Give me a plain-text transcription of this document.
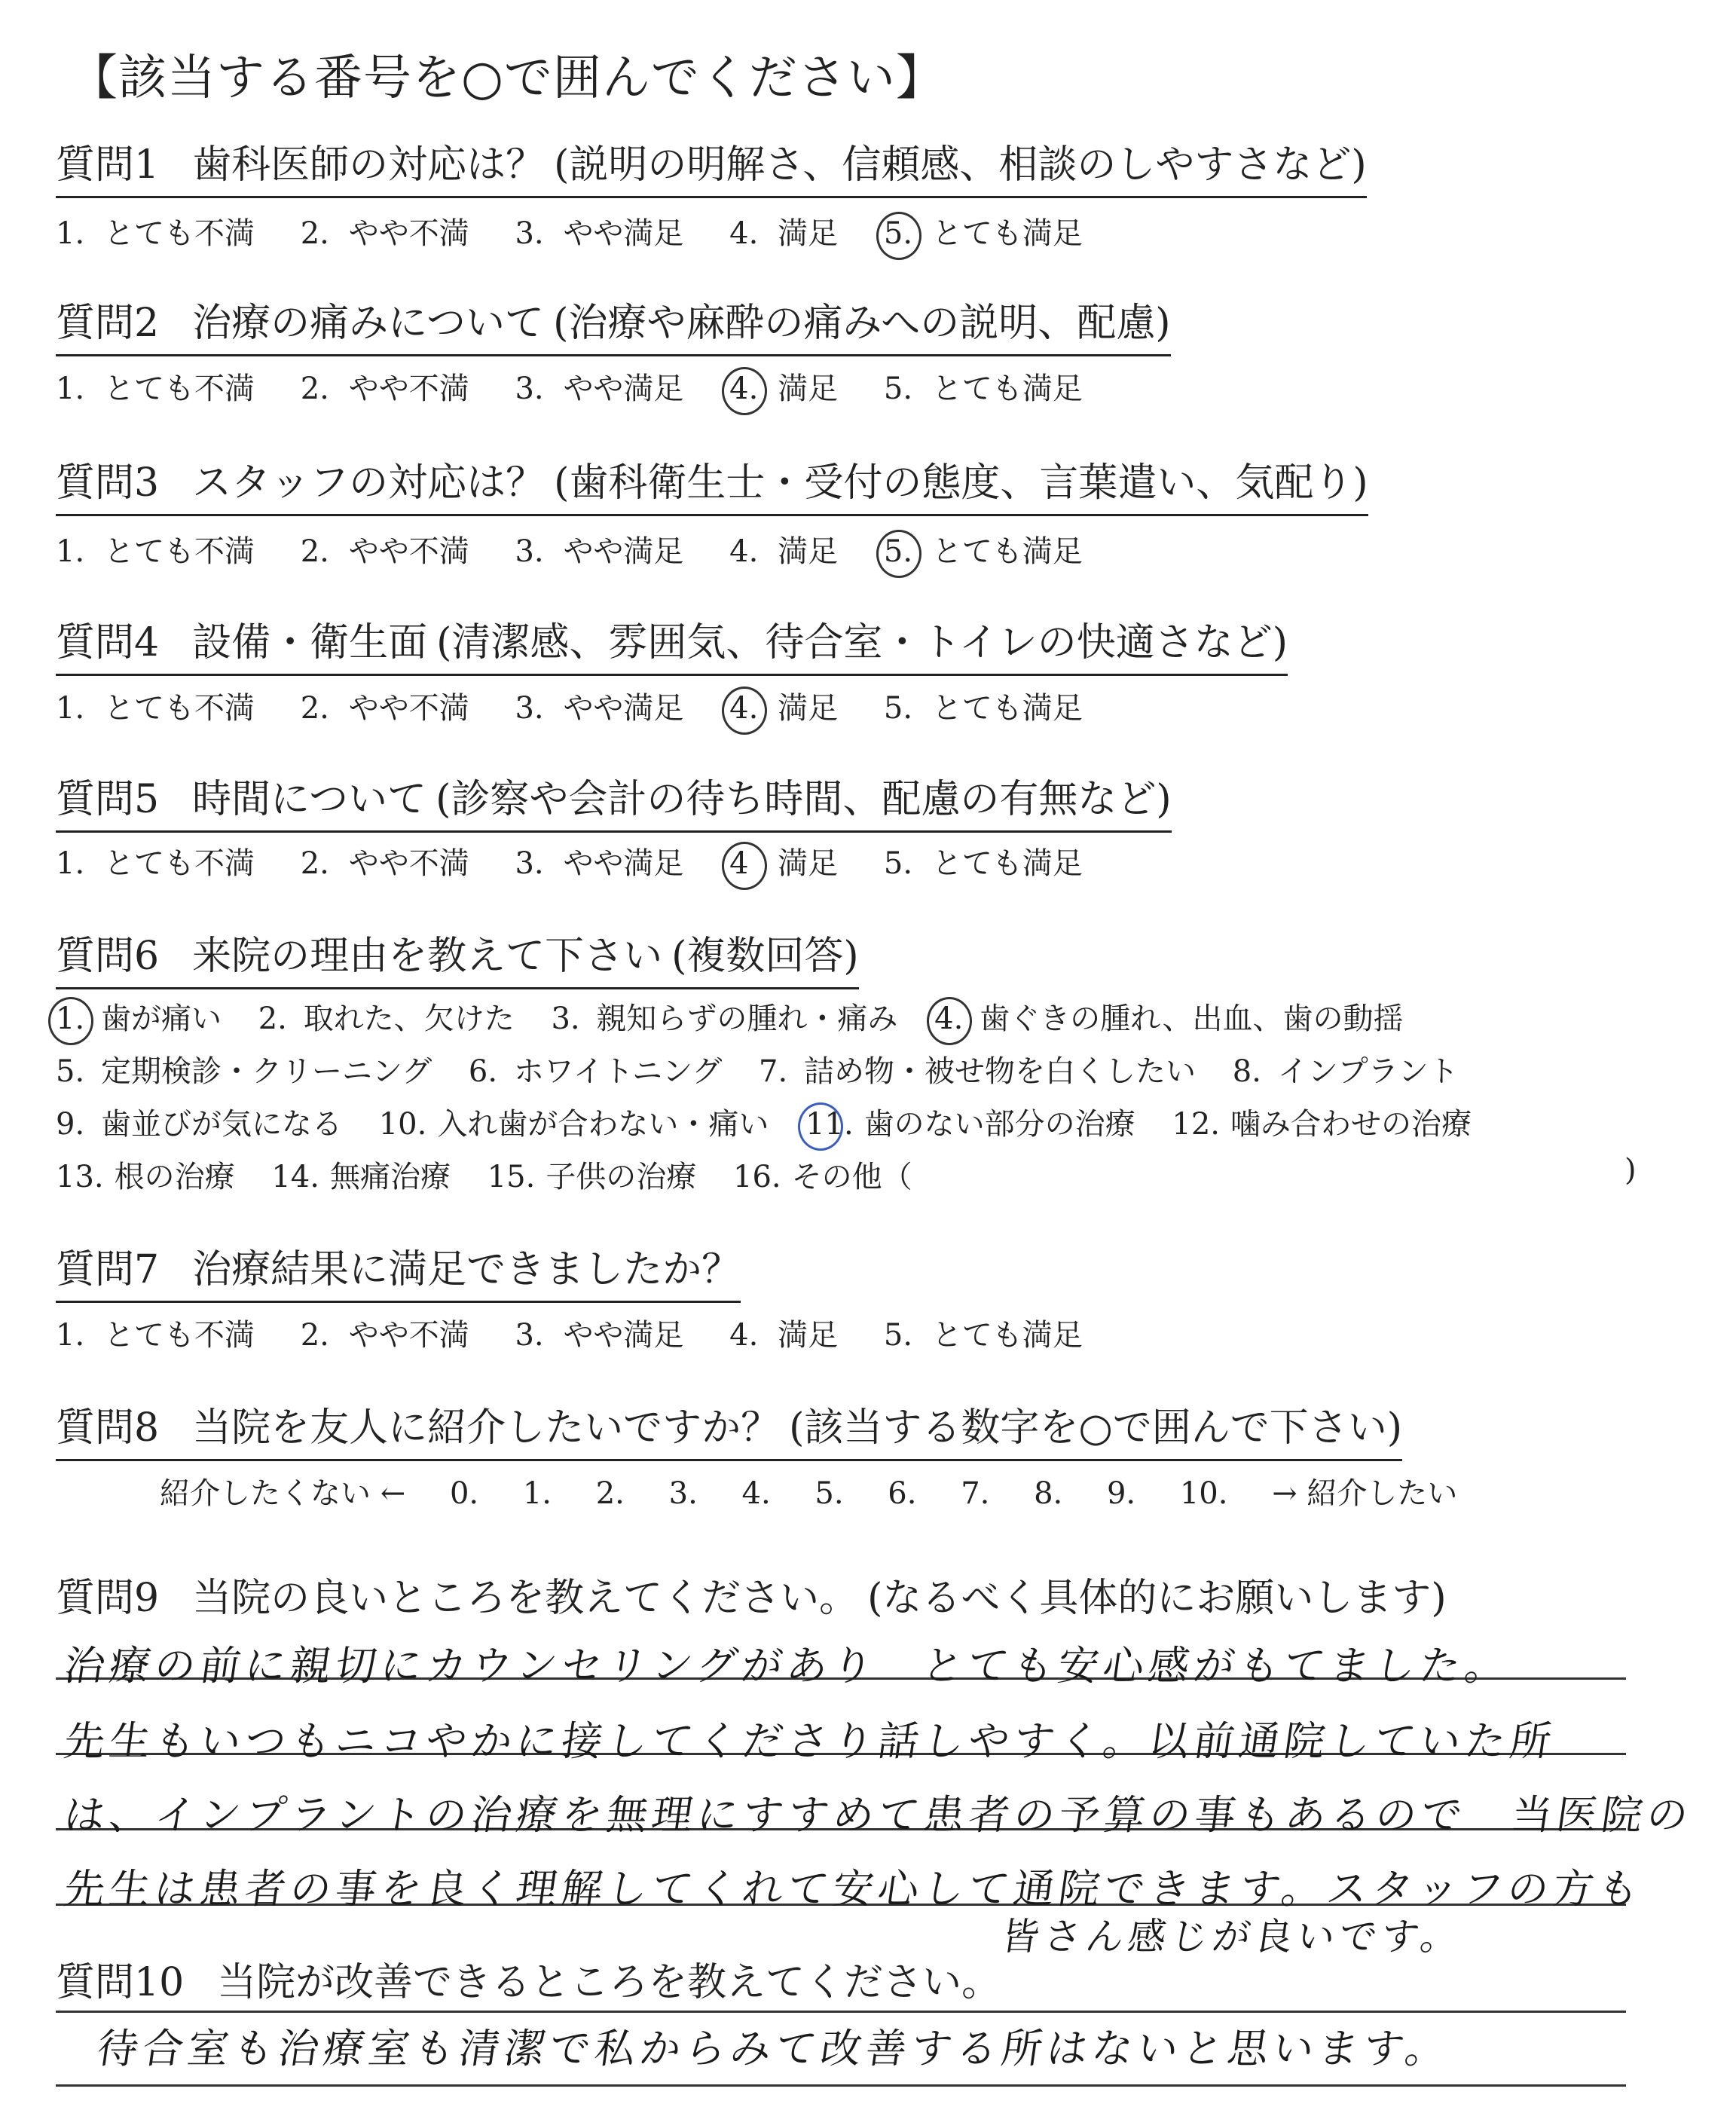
【該当する番号を○で囲んでください】
質問1 歯科医師の対応は？ (説明の明解さ、信頼感、相談のしやすさなど)
1. とても不満 2. やや不満 3. やや満足 4. 満足 5. とても満足
質問2 治療の痛みについて (治療や麻酔の痛みへの説明、配慮)
1. とても不満 2. やや不満 3. やや満足 4. 満足 5. とても満足
質問3 スタッフの対応は？ (歯科衛生士・受付の態度、言葉遣い、気配り)
1. とても不満 2. やや不満 3. やや満足 4. 満足 5. とても満足
質問4 設備・衛生面 (清潔感、雰囲気、待合室・トイレの快適さなど)
1. とても不満 2. やや不満 3. やや満足 4. 満足 5. とても満足
質問5 時間について (診察や会計の待ち時間、配慮の有無など)
1. とても不満 2. やや不満 3. やや満足 4 満足 5. とても満足
質問6 来院の理由を教えて下さい (複数回答)
1. 歯が痛い 2. 取れた、欠けた 3. 親知らずの腫れ・痛み 4. 歯ぐきの腫れ、出血、歯の動揺
5. 定期検診・クリーニング 6. ホワイトニング 7. 詰め物・被せ物を白くしたい 8. インプラント
9. 歯並びが気になる 10. 入れ歯が合わない・痛い 11. 歯のない部分の治療 12. 噛み合わせの治療
13. 根の治療 14. 無痛治療 15. 子供の治療 16. その他（	)
質問7 治療結果に満足できましたか？
1. とても不満 2. やや不満 3. やや満足 4. 満足 5. とても満足
質問8 当院を友人に紹介したいですか？ (該当する数字を○で囲んで下さい)
紹介したくない ← 0. 1. 2. 3. 4. 5. 6. 7. 8. 9. 10. → 紹介したい
質問9 当院の良いところを教えてください。 (なるべく具体的にお願いします)
治療の前に親切にカウンセリングがあり　とても安心感がもてました。
先生もいつもニコやかに接してくださり話しやすく。以前通院していた所
は、インプラントの治療を無理にすすめて患者の予算の事もあるので　当医院の
先生は患者の事を良く理解してくれて安心して通院できます。スタッフの方も
皆さん感じが良いです。
質問10 当院が改善できるところを教えてください。
待合室も治療室も清潔で私からみて改善する所はないと思います。
